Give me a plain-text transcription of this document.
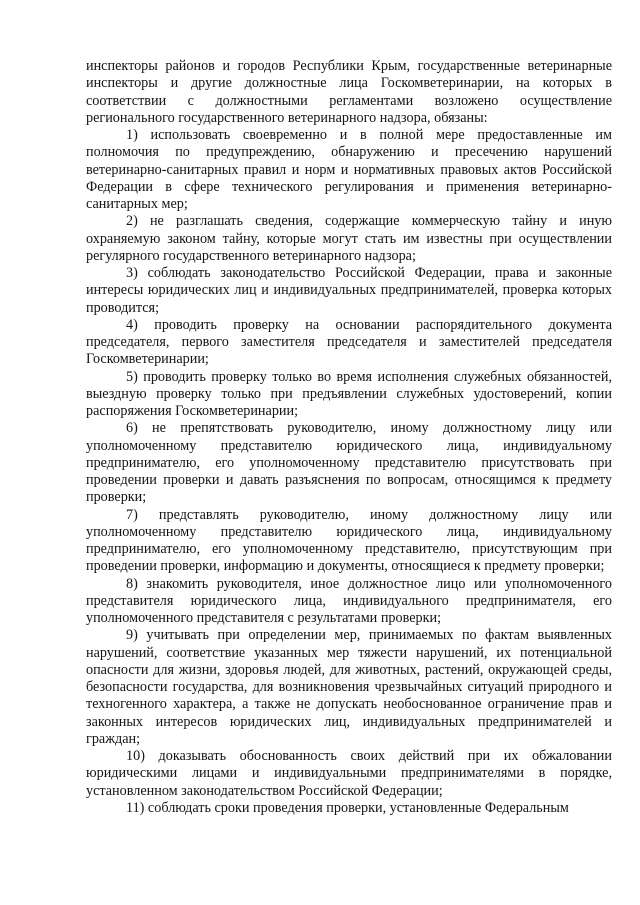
инспекторы районов и городов Республики Крым, государственные ветеринарные инспекторы и другие должностные лица Госкомветеринарии, на которых в соответствии с должностными регламентами возложено осуществление регионального государственного ветеринарного надзора, обязаны:

1) использовать своевременно и в полной мере предоставленные им полномочия по предупреждению, обнаружению и пресечению нарушений ветеринарно-санитарных правил и норм и нормативных правовых актов Российской Федерации в сфере технического регулирования и применения ветеринарно-санитарных мер;

2) не разглашать сведения, содержащие коммерческую тайну и иную охраняемую законом тайну, которые могут стать им известны при осуществлении регулярного государственного ветеринарного надзора;

3) соблюдать законодательство Российской Федерации, права и законные интересы юридических лиц и индивидуальных предпринимателей, проверка которых проводится;

4) проводить проверку на основании распорядительного документа председателя, первого заместителя председателя и заместителей председателя Госкомветеринарии;

5) проводить проверку только во время исполнения служебных обязанностей, выездную проверку только при предъявлении служебных удостоверений, копии распоряжения Госкомветеринарии;

6) не препятствовать руководителю, иному должностному лицу или уполномоченному представителю юридического лица, индивидуальному предпринимателю, его уполномоченному представителю присутствовать при проведении проверки и давать разъяснения по вопросам, относящимся к предмету проверки;

7) представлять руководителю, иному должностному лицу или уполномоченному представителю юридического лица, индивидуальному предпринимателю, его уполномоченному представителю, присутствующим при проведении проверки, информацию и документы, относящиеся к предмету проверки;

8) знакомить руководителя, иное должностное лицо или уполномоченного представителя юридического лица, индивидуального предпринимателя, его уполномоченного представителя с результатами проверки;

9) учитывать при определении мер, принимаемых по фактам выявленных нарушений, соответствие указанных мер тяжести нарушений, их потенциальной опасности для жизни, здоровья людей, для животных, растений, окружающей среды, безопасности государства, для возникновения чрезвычайных ситуаций природного и техногенного характера, а также не допускать необоснованное ограничение прав и законных интересов юридических лиц, индивидуальных предпринимателей и граждан;

10) доказывать обоснованность своих действий при их обжаловании юридическими лицами и индивидуальными предпринимателями в порядке, установленном законодательством Российской Федерации;

11) соблюдать сроки проведения проверки, установленные Федеральным
